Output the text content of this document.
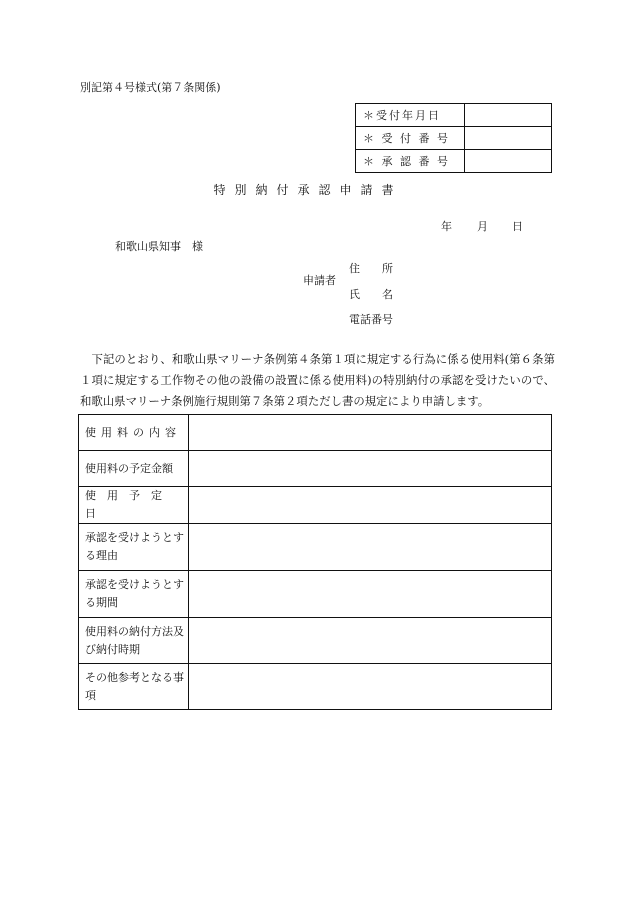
別記第４号様式(第７条関係)
＊受付年月日	
＊ 受 付 番 号	
＊ 承 認 番 号	
特別納付承認申請書
年 月 日
和歌山県知事　様
申請者
住　　所
氏　　名
電話番号
　下記のとおり、和歌山県マリーナ条例第４条第１項に規定する行為に係る使用料(第６条第１項に規定する工作物その他の設備の設置に係る使用料)の特別納付の承認を受けたいので、和歌山県マリーナ条例施行規則第７条第２項ただし書の規定により申請します。
使用料の内容	
使用料の予定金額	
使用予定日	
承認を受けようとする理由	
承認を受けようとする期間	
使用料の納付方法及び納付時期	
その他参考となる事項	
